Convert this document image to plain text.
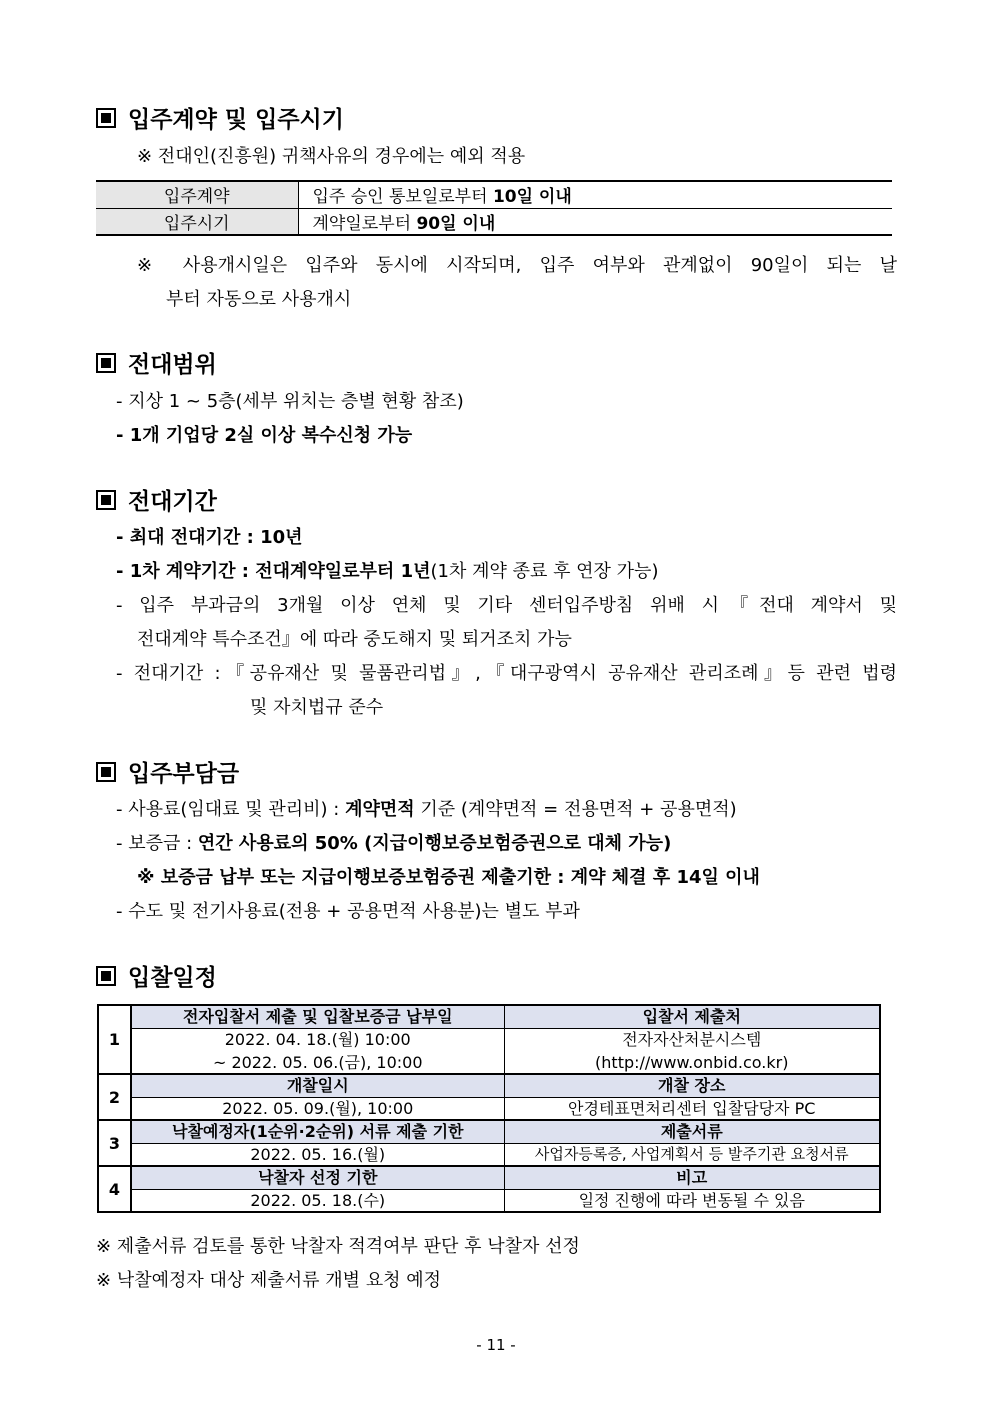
입주계약 및 입주시기
※ 전대인(진흥원) 귀책사유의 경우에는 예외 적용
입주계약	입주 승인 통보일로부터 10일 이내
입주시기	계약일로부터 90일 이내
※ 사용개시일은 입주와 동시에 시작되며, 입주 여부와 관계없이 90일이 되는 날
부터 자동으로 사용개시
전대범위
- 지상 1 ~ 5층(세부 위치는 층별 현황 참조)
- 1개 기업당 2실 이상 복수신청 가능
전대기간
- 최대 전대기간 : 10년
- 1차 계약기간 : 전대계약일로부터 1년(1차 계약 종료 후 연장 가능)
- 입주 부과금의 3개월 이상 연체 및 기타 센터입주방침 위배 시『전대 계약서 및
전대계약 특수조건』에 따라 중도해지 및 퇴거조치 가능
- 전대기간 :『공유재산 및 물품관리법』,『대구광역시 공유재산 관리조례』등 관련 법령
및 자치법규 준수
입주부담금
- 사용료(임대료 및 관리비) : 계약면적 기준 (계약면적 = 전용면적 + 공용면적)
- 보증금 : 연간 사용료의 50% (지급이행보증보험증권으로 대체 가능)
※ 보증금 납부 또는 지급이행보증보험증권 제출기한 : 계약 체결 후 14일 이내
- 수도 및 전기사용료(전용 + 공용면적 사용분)는 별도 부과
입찰일정
1	전자입찰서 제출 및 입찰보증금 납부일	입찰서 제출처
	2022. 04. 18.(월) 10:00	전자자산처분시스템
	~ 2022. 05. 06.(금), 10:00	(http://www.onbid.co.kr)
2	개찰일시	개찰 장소
	2022. 05. 09.(월), 10:00	안경테표면처리센터 입찰담당자 PC
3	낙찰예정자(1순위·2순위) 서류 제출 기한	제출서류
	2022. 05. 16.(월)	사업자등록증, 사업계획서 등 발주기관 요청서류
4	낙찰자 선정 기한	비고
	2022. 05. 18.(수)	일정 진행에 따라 변동될 수 있음
※ 제출서류 검토를 통한 낙찰자 적격여부 판단 후 낙찰자 선정
※ 낙찰예정자 대상 제출서류 개별 요청 예정
- 11 -
